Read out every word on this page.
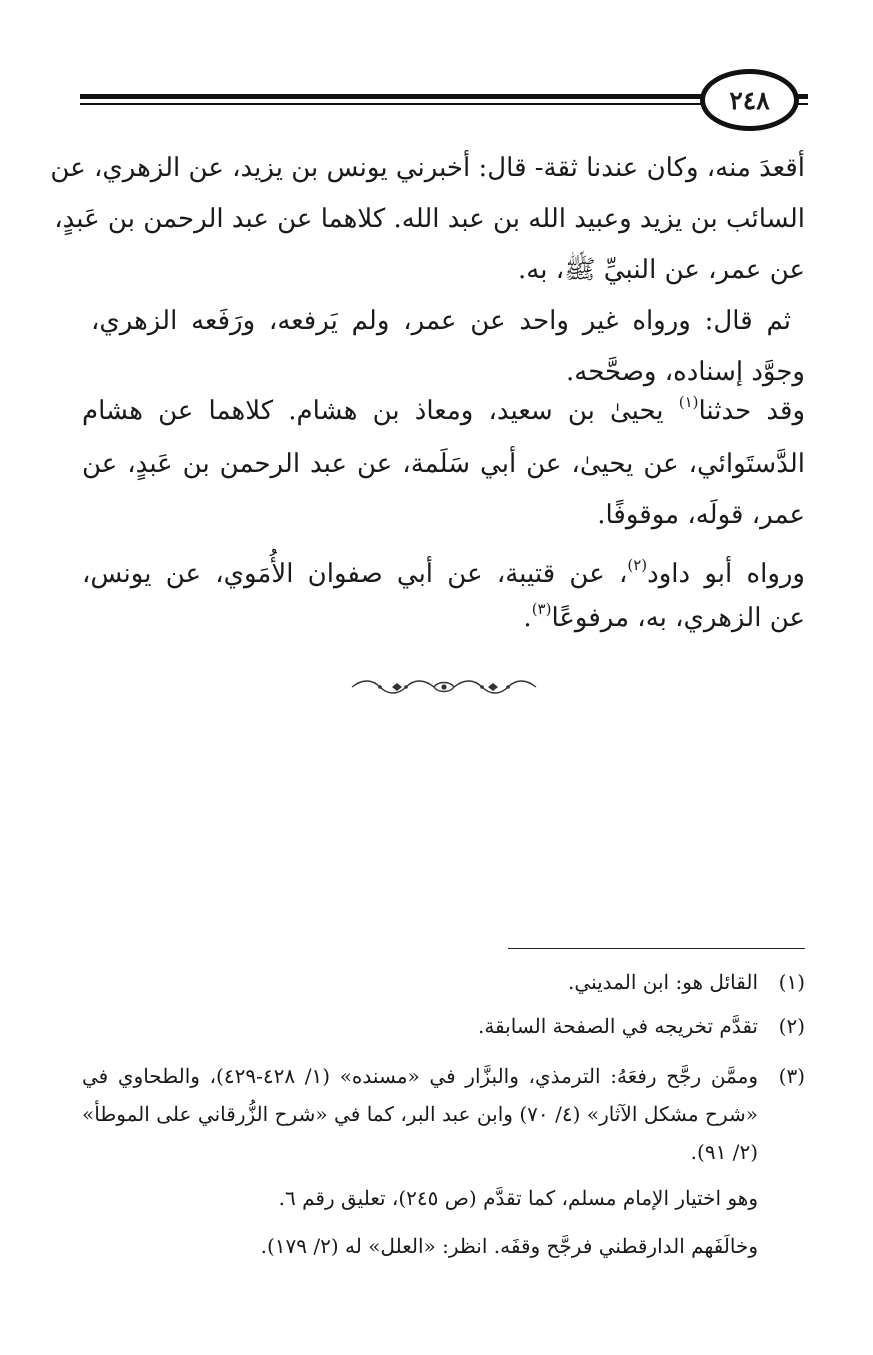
٢٤٨
أقعدَ منه، وكان عندنا ثقة- قال: أخبرني يونس بن يزيد، عن الزهري، عن
السائب بن يزيد وعبيد الله بن عبد الله. كلاهما عن عبد الرحمن بن عَبدٍ،
عن عمر، عن النبيِّ ﷺ، به.
ثم قال: ورواه غير واحد عن عمر، ولم يَرفعه، ورَفَعه الزهري،
وجوَّد إسناده، وصحَّحه.
وقد حدثنا$^{(١)}$ يحيىٰ بن سعيد، ومعاذ بن هشام. كلاهما عن هشام
الدَّستَوائي، عن يحيىٰ، عن أبي سَلَمة، عن عبد الرحمن بن عَبدٍ، عن
عمر، قولَه، موقوفًا.
ورواه أبو داود$^{(٢)}$، عن قتيبة، عن أبي صفوان الأُمَوي، عن يونس،
عن الزهري، به، مرفوعًا$^{(٣)}$.
(١)
القائل هو: ابن المديني.
(٢)
تقدَّم تخريجه في الصفحة السابقة.
(٣)
وممَّن رجَّح رفعَهُ: الترمذي، والبزَّار في «مسنده» (١/ ٤٢٨-٤٢٩)، والطحاوي في
«شرح مشكل الآثار» (٤/ ٧٠) وابن عبد البر، كما في «شرح الزُّرقاني على الموطأ»
(٢/ ٩١).
وهو اختيار الإمام مسلم، كما تقدَّم (ص ٢٤٥)، تعليق رقم ٦.
وخالَفَهم الدارقطني فرجَّح وقفَه. انظر: «العلل» له (٢/ ١٧٩).
